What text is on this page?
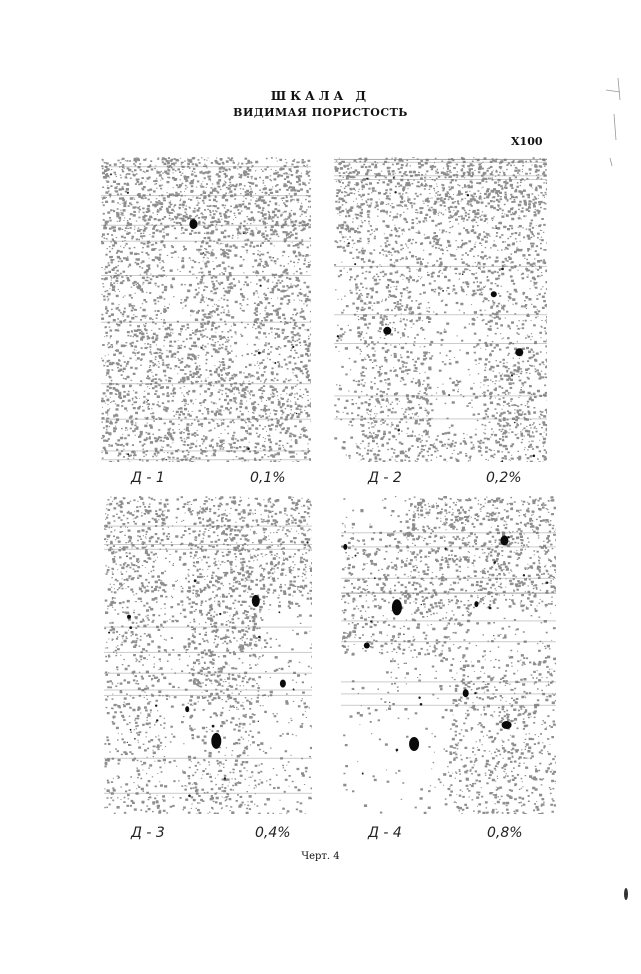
ШКАЛА Д
ВИДИМАЯ ПОРИСТОСТЬ
X100
Д - 1	0,1%	Д - 2	0,2%
Д - 3	0,4%	Д - 4	0,8%
Черт. 4
